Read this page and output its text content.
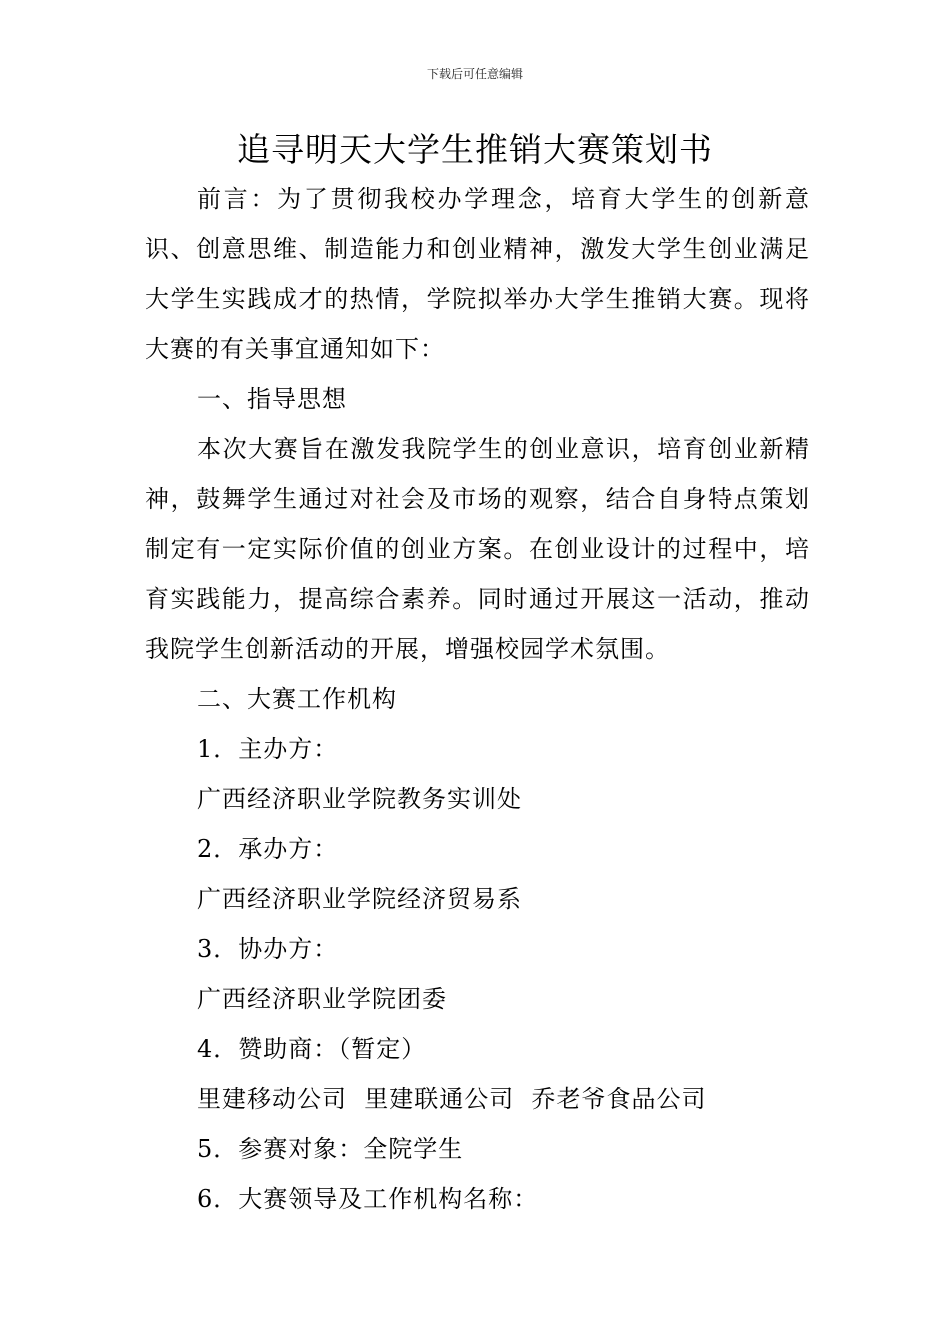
下载后可任意编辑
追寻明天大学生推销大赛策划书

前言：为了贯彻我校办学理念，培育大学生的创新意识、创意思维、制造能力和创业精神，激发大学生创业满足大学生实践成才的热情，学院拟举办大学生推销大赛。现将大赛的有关事宜通知如下：

一、指导思想

本次大赛旨在激发我院学生的创业意识，培育创业新精神，鼓舞学生通过对社会及市场的观察，结合自身特点策划制定有一定实际价值的创业方案。在创业设计的过程中，培育实践能力，提高综合素养。同时通过开展这一活动，推动我院学生创新活动的开展，增强校园学术氛围。

二、大赛工作机构

1．主办方：

广西经济职业学院教务实训处

2．承办方：

广西经济职业学院经济贸易系

3．协办方：

广西经济职业学院团委

4．赞助商：（暂定）

里建移动公司  里建联通公司  乔老爷食品公司

5．参赛对象：全院学生

6．大赛领导及工作机构名称：
